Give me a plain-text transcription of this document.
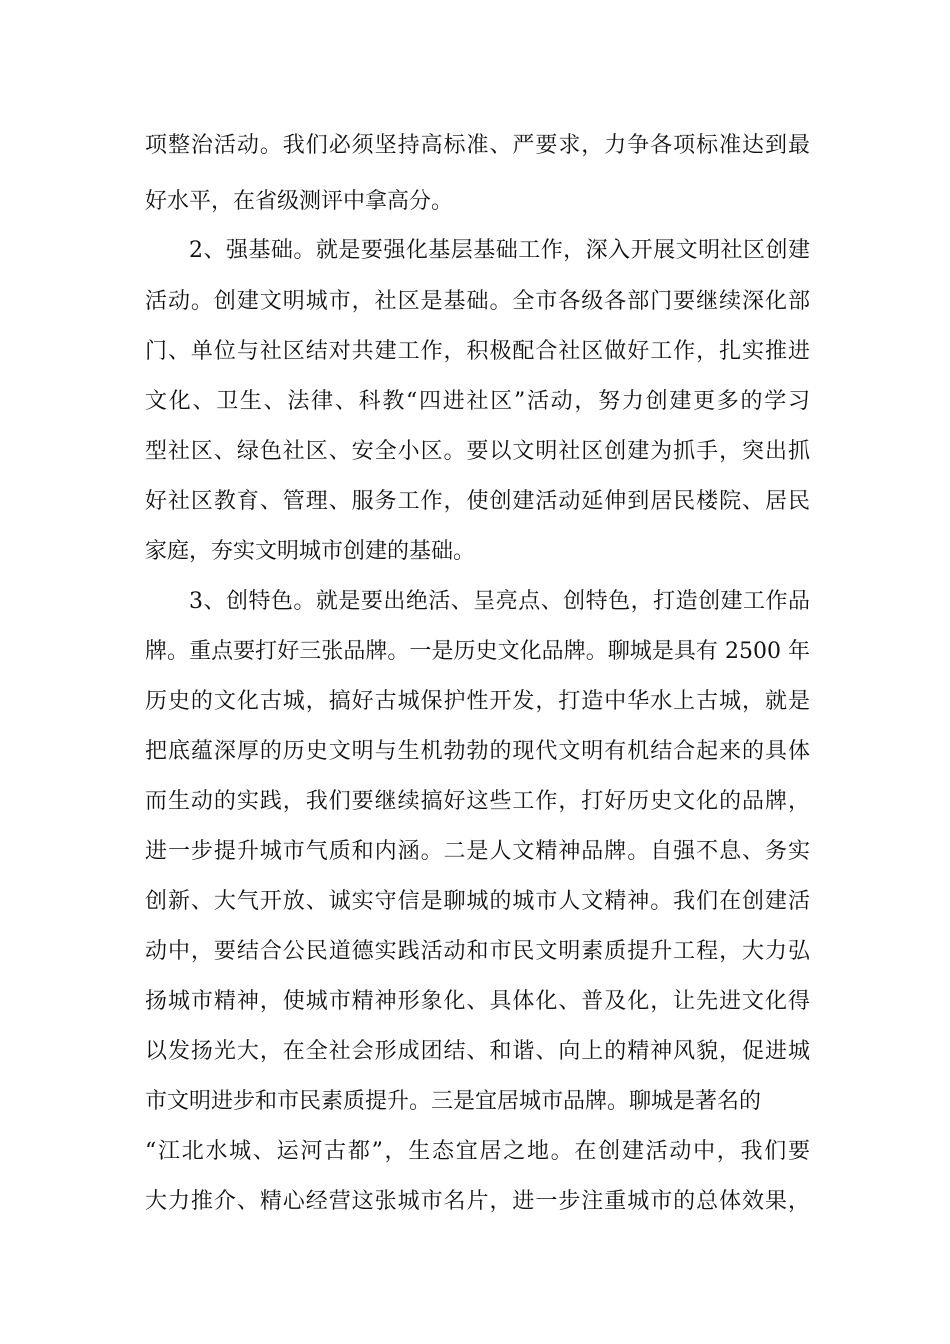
项整治活动。我们必须坚持高标准、严要求，力争各项标准达到最
好水平，在省级测评中拿高分。
2、强基础。就是要强化基层基础工作，深入开展文明社区创建
活动。创建文明城市，社区是基础。全市各级各部门要继续深化部
门、单位与社区结对共建工作，积极配合社区做好工作，扎实推进
文化、卫生、法律、科教“四进社区”活动，努力创建更多的学习
型社区、绿色社区、安全小区。要以文明社区创建为抓手，突出抓
好社区教育、管理、服务工作，使创建活动延伸到居民楼院、居民
家庭，夯实文明城市创建的基础。
3、创特色。就是要出绝活、呈亮点、创特色，打造创建工作品
牌。重点要打好三张品牌。一是历史文化品牌。聊城是具有 2500 年
历史的文化古城，搞好古城保护性开发，打造中华水上古城，就是
把底蕴深厚的历史文明与生机勃勃的现代文明有机结合起来的具体
而生动的实践，我们要继续搞好这些工作，打好历史文化的品牌，
进一步提升城市气质和内涵。二是人文精神品牌。自强不息、务实
创新、大气开放、诚实守信是聊城的城市人文精神。我们在创建活
动中，要结合公民道德实践活动和市民文明素质提升工程，大力弘
扬城市精神，使城市精神形象化、具体化、普及化，让先进文化得
以发扬光大，在全社会形成团结、和谐、向上的精神风貌，促进城
市文明进步和市民素质提升。三是宜居城市品牌。聊城是著名的
“江北水城、运河古都”，生态宜居之地。在创建活动中，我们要
大力推介、精心经营这张城市名片，进一步注重城市的总体效果，
